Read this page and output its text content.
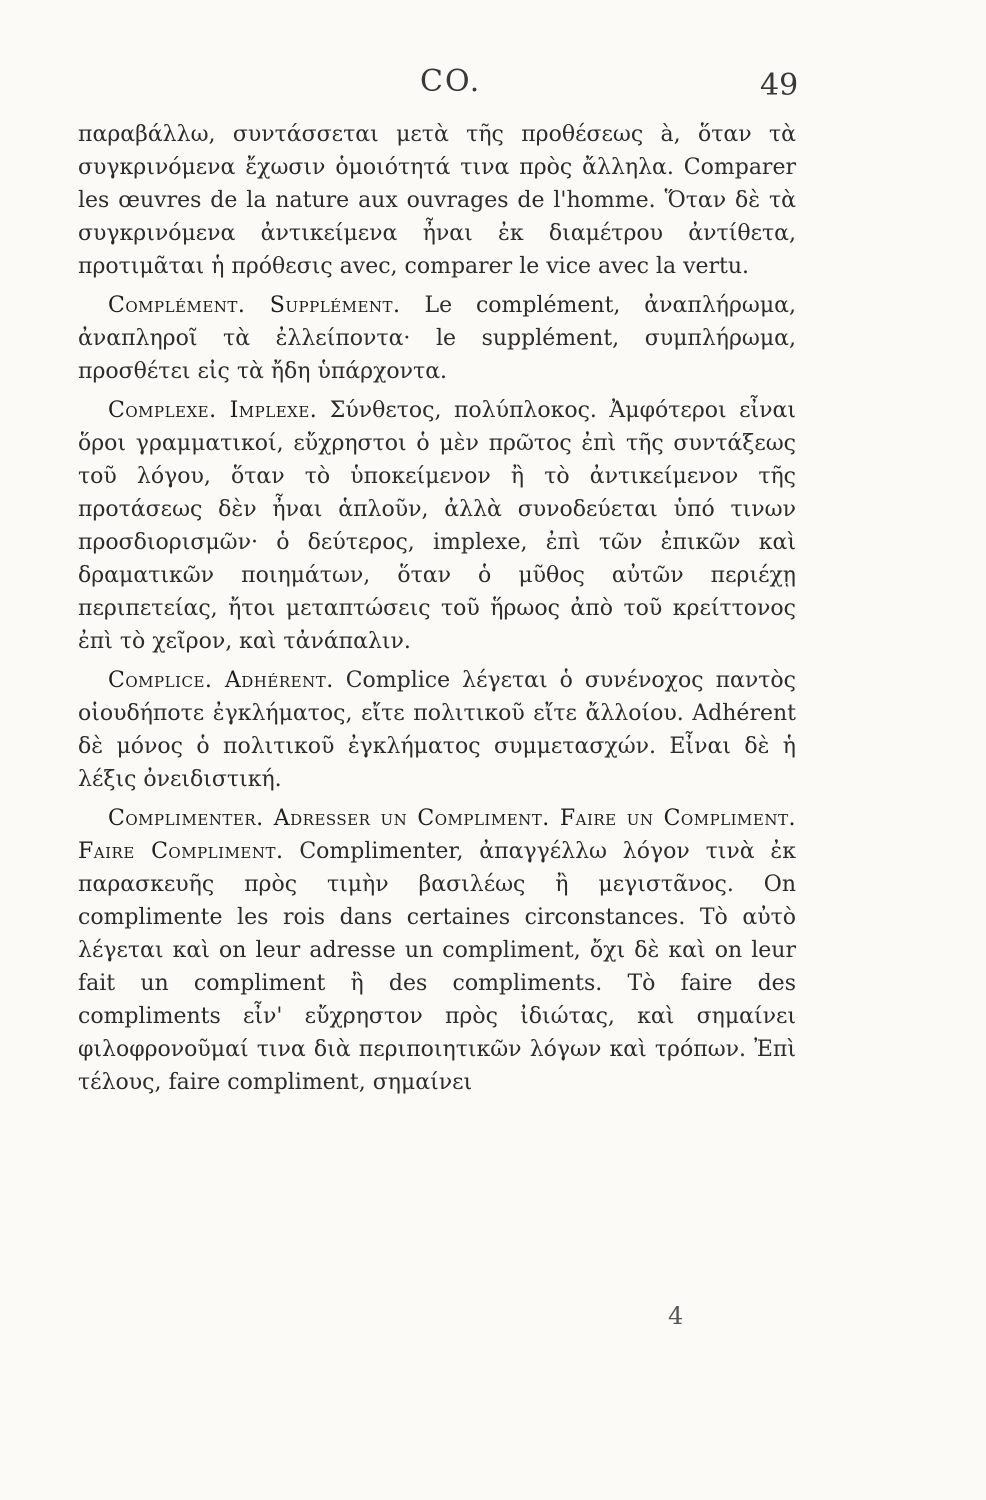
CO.	49

παραβάλλω, συντάσσεται μετὰ τῆς προθέσεως à, ὅταν τὰ συγκρινόμενα ἔχωσιν ὁμοιότητά τινα πρὸς ἄλληλα. Comparer les œuvres de la nature aux ouvrages de l'homme. Ὅταν δὲ τὰ συγκρινόμενα ἀντικείμενα ἦναι ἐκ διαμέτρου ἀντίθετα, προτιμᾶται ἡ πρόθεσις avec, comparer le vice avec la vertu.

Complément. Supplément. Le complément, ἀναπλήρωμα, ἀναπληροῖ τὰ ἐλλείποντα· le supplément, συμπλήρωμα, προσθέτει εἰς τὰ ἤδη ὑπάρχοντα.

Complexe. Implexe. Σύνθετος, πολύπλοκος. Ἀμφότεροι εἶναι ὅροι γραμματικοί, εὔχρηστοι ὁ μὲν πρῶτος ἐπὶ τῆς συντάξεως τοῦ λόγου, ὅταν τὸ ὑποκείμενον ἢ τὸ ἀντικείμενον τῆς προτάσεως δὲν ἦναι ἁπλοῦν, ἀλλὰ συνοδεύεται ὑπό τινων προσδιορισμῶν· ὁ δεύτερος, implexe, ἐπὶ τῶν ἐπικῶν καὶ δραματικῶν ποιημάτων, ὅταν ὁ μῦθος αὐτῶν περιέχῃ περιπετείας, ἤτοι μεταπτώσεις τοῦ ἥρωος ἀπὸ τοῦ κρείττονος ἐπὶ τὸ χεῖρον, καὶ τἀνάπαλιν.

Complice. Adhérent. Complice λέγεται ὁ συνένοχος παντὸς οἱουδήποτε ἐγκλήματος, εἴτε πολιτικοῦ εἴτε ἄλλοίου. Adhérent δὲ μόνος ὁ πολιτικοῦ ἐγκλήματος συμμετασχών. Εἶναι δὲ ἡ λέξις ὀνειδιστική.

Complimenter. Adresser un Compliment. Faire un Compliment. Faire Compliment. Complimenter, ἀπαγγέλλω λόγον τινὰ ἐκ παρασκευῆς πρὸς τιμὴν βασιλέως ἢ μεγιστᾶνος. On complimente les rois dans certaines circonstances. Τὸ αὐτὸ λέγεται καὶ on leur adresse un compliment, ὄχι δὲ καὶ on leur fait un compliment ἢ des compliments. Τὸ faire des compliments εἶν' εὔχρηστον πρὸς ἰδιώτας, καὶ σημαίνει φιλοφρονοῦμαί τινα διὰ περιποιητικῶν λόγων καὶ τρόπων. Ἐπὶ τέλους, faire compliment, σημαίνει

4
